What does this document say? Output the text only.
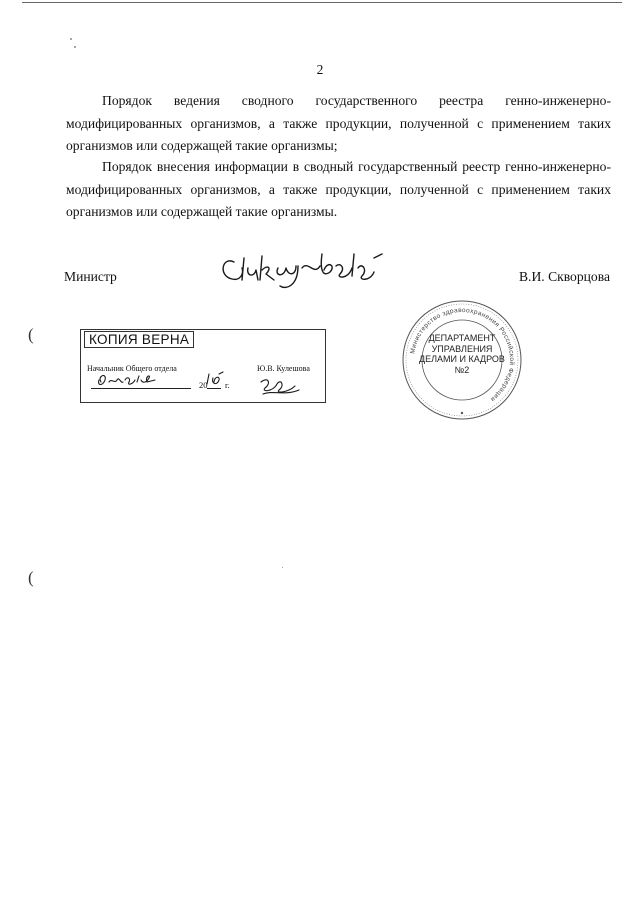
2

Порядок ведения сводного государственного реестра генно-инженерно-модифицированных организмов, а также продукции, полученной с применением таких организмов или содержащей такие организмы;

Порядок внесения информации в сводный государственный реестр генно-инженерно-модифицированных организмов, а также продукции, полученной с применением таких организмов или содержащей такие организмы.

Министр	В.И. Скворцова
(
(
КОПИЯ ВЕРНА
Начальник Общего отдела	Ю.В. Кулешова
20 г.
Министерство здравоохранения Российской Федерации
ДЕПАРТАМЕНТ
УПРАВЛЕНИЯ
ДЕЛАМИ И КАДРОВ
№2
